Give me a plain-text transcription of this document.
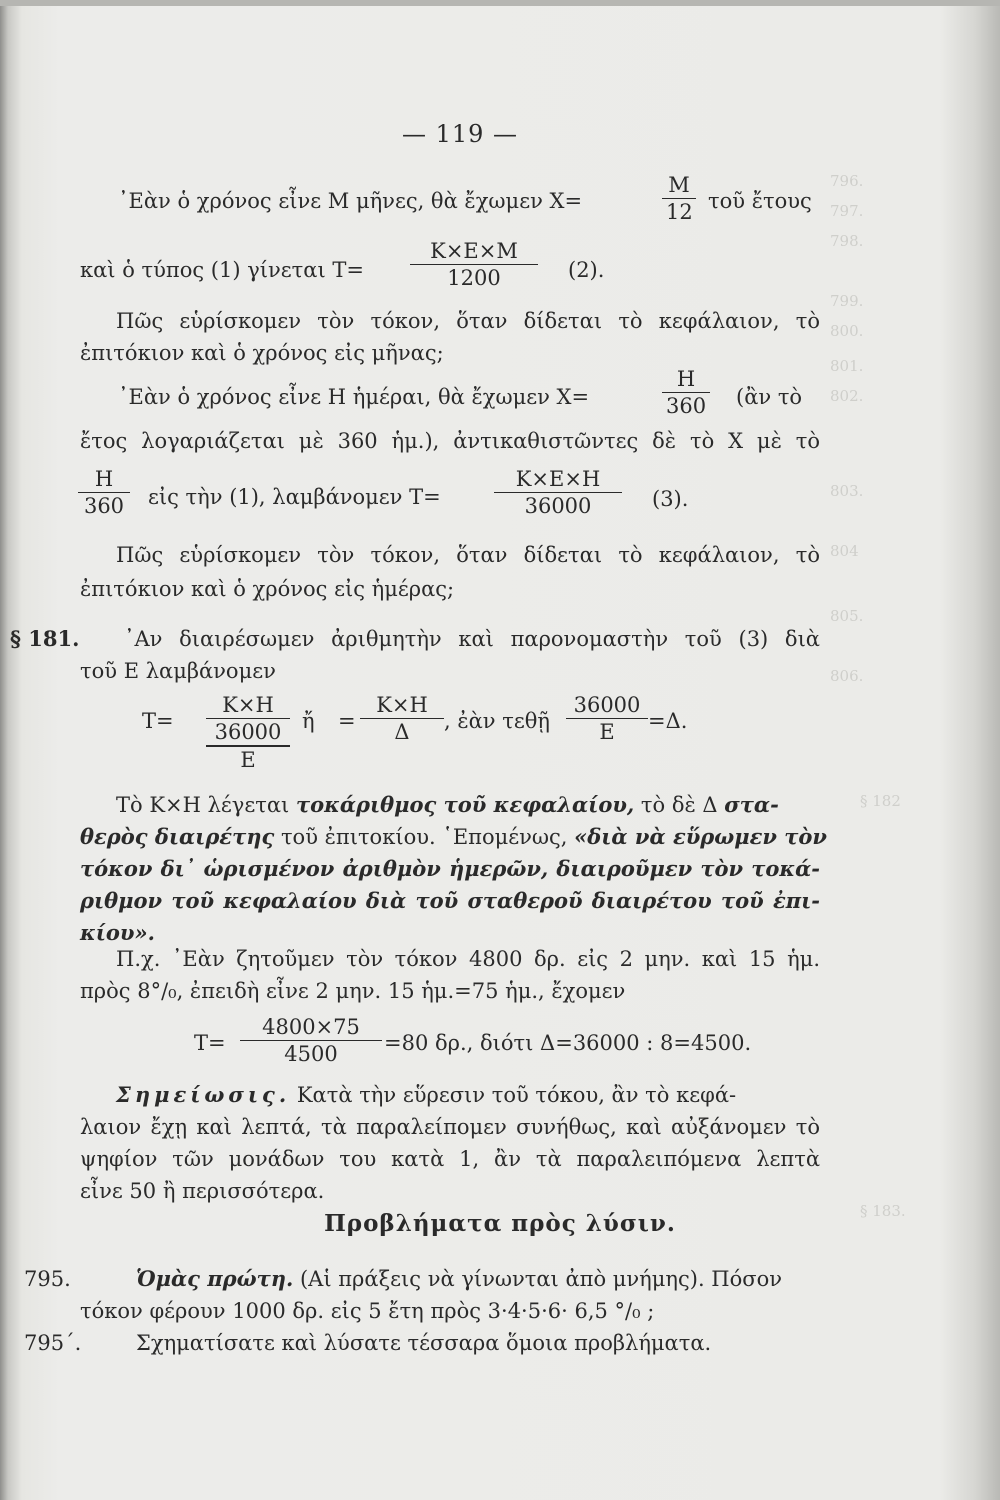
796.
797.
798.
799.
800.
801.
802.
803.
804
805.
806.
§ 182
§ 183.
— 119 —
᾿Εὰν ὁ χρόνος εἶνε Μ μῆνες, θὰ ἔχωμεν Χ=	$\frac{M}{12}$ τοῦ ἔτους
καὶ ὁ τύπος (1) γίνεται $T= \frac{K\times E\times M}{1200} (2)$.
Πῶς εὑρίσκομεν τὸν τόκον, ὅταν δίδεται τὸ κεφάλαιον, τὸ
ἐπιτόκιον καὶ ὁ χρόνος εἰς μῆνας;
᾿Εὰν ὁ χρόνος εἶνε Η ἡμέραι, θὰ ἔχωμεν Χ=	$\frac{H}{360}$ (ἂν τὸ
ἔτος λογαριάζεται μὲ 360 ἡμ.), ἀντικαθιστῶντες δὲ τὸ Χ μὲ τὸ
$\frac{H}{360}$ εἰς τὴν (1), λαμβάνομεν Τ=	$\frac{K\times E\times H}{36000} (3)$.
Πῶς εὑρίσκομεν τὸν τόκον, ὅταν δίδεται τὸ κεφάλαιον, τὸ
ἐπιτόκιον καὶ ὁ χρόνος εἰς ἡμέρας;
§ 181. ᾿Αν διαιρέσωμεν ἀριθμητὴν καὶ παρονομαστὴν τοῦ (3) διὰ
τοῦ Ε λαμβάνομεν
Τ=
Κ×Η
36000
Ε
ἤ = $\frac{K\times H}{\Delta}$ , ἐὰν τεθῇ $\frac{36000}{E} =\Delta$.
Τὸ Κ×Η λέγεται τοκάριθμος τοῦ κεφαλαίου, τὸ δὲ Δ στα-
θερὸς διαιρέτης τοῦ ἐπιτοκίου. ῾Επομένως, «διὰ νὰ εὕρωμεν τὸν
τόκον δι᾿ ὡρισμένον ἀριθμὸν ἡμερῶν, διαιροῦμεν τὸν τοκά-
ριθμον τοῦ κεφαλαίου διὰ τοῦ σταθεροῦ διαιρέτου τοῦ ἐπι-
κίου».
Π.χ. ᾿Εὰν ζητοῦμεν τὸν τόκον 4800 δρ. εἰς 2 μην. καὶ 15 ἡμ.
πρὸς 8°/₀, ἐπειδὴ εἶνε 2 μην. 15 ἡμ.=75 ἡμ., ἔχομεν
$T= \frac{4800\times 75}{4500} =80$ δρ., διότι Δ=36000 : 8=4500.
Σημείωσις. Κατὰ τὴν εὕρεσιν τοῦ τόκου, ἂν τὸ κεφά-
λαιον ἔχῃ καὶ λεπτά, τὰ παραλείπομεν συνήθως, καὶ αὐξάνομεν τὸ
ψηφίον τῶν μονάδων του κατὰ 1, ἂν τὰ παραλειπόμενα λεπτὰ
εἶνε 50 ἢ περισσότερα.
Προβλήματα πρὸς λύσιν.
795.	Ὁμὰς πρώτη. (Αἱ πράξεις νὰ γίνωνται ἀπὸ μνήμης). Πόσον
τόκον φέρουν 1000 δρ. εἰς 5 ἔτη πρὸς 3·4·5·6· 6,5 °/₀ ;
795΄.	Σχηματίσατε καὶ λύσατε τέσσαρα ὅμοια προβλήματα.
